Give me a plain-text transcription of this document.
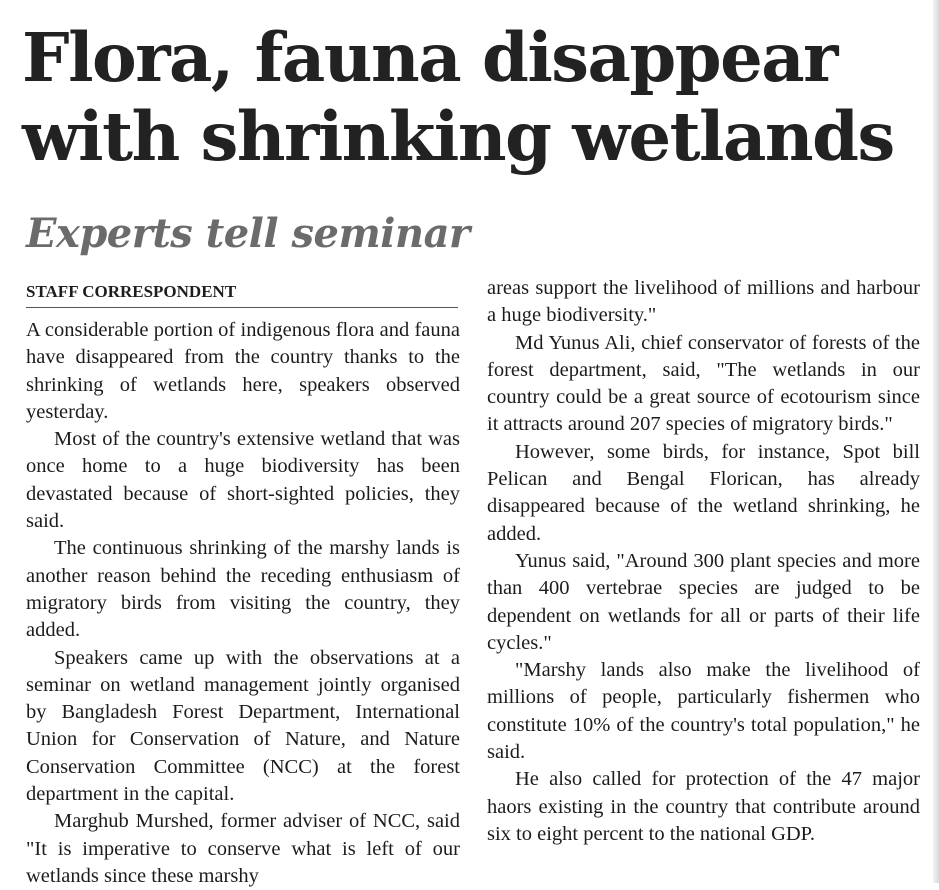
Flora, fauna disappear with shrinking wetlands
Experts tell seminar
STAFF CORRESPONDENT

A considerable portion of indigenous flora and fauna have disappeared from the country thanks to the shrinking of wetlands here, speakers observed yesterday.

Most of the country's extensive wetland that was once home to a huge biodiversity has been devastated because of short-sighted policies, they said.

The continuous shrinking of the marshy lands is another reason behind the receding enthusiasm of migratory birds from visiting the country, they added.

Speakers came up with the observations at a seminar on wetland management jointly organised by Bangladesh Forest Department, International Union for Conservation of Nature, and Nature Conservation Committee (NCC) at the forest department in the capital.

Marghub Murshed, former adviser of NCC, said "It is imperative to conserve what is left of our wetlands since these marshy

areas support the livelihood of millions and harbour a huge biodiversity."

Md Yunus Ali, chief conservator of forests of the forest department, said, "The wetlands in our country could be a great source of ecotourism since it attracts around 207 species of migratory birds."

However, some birds, for instance, Spot bill Pelican and Bengal Florican, has already disappeared because of the wetland shrinking, he added.

Yunus said, "Around 300 plant species and more than 400 vertebrae species are judged to be dependent on wetlands for all or parts of their life cycles."

"Marshy lands also make the livelihood of millions of people, particularly fishermen who constitute 10% of the country's total population," he said.

He also called for protection of the 47 major haors existing in the country that contribute around six to eight percent to the national GDP.
